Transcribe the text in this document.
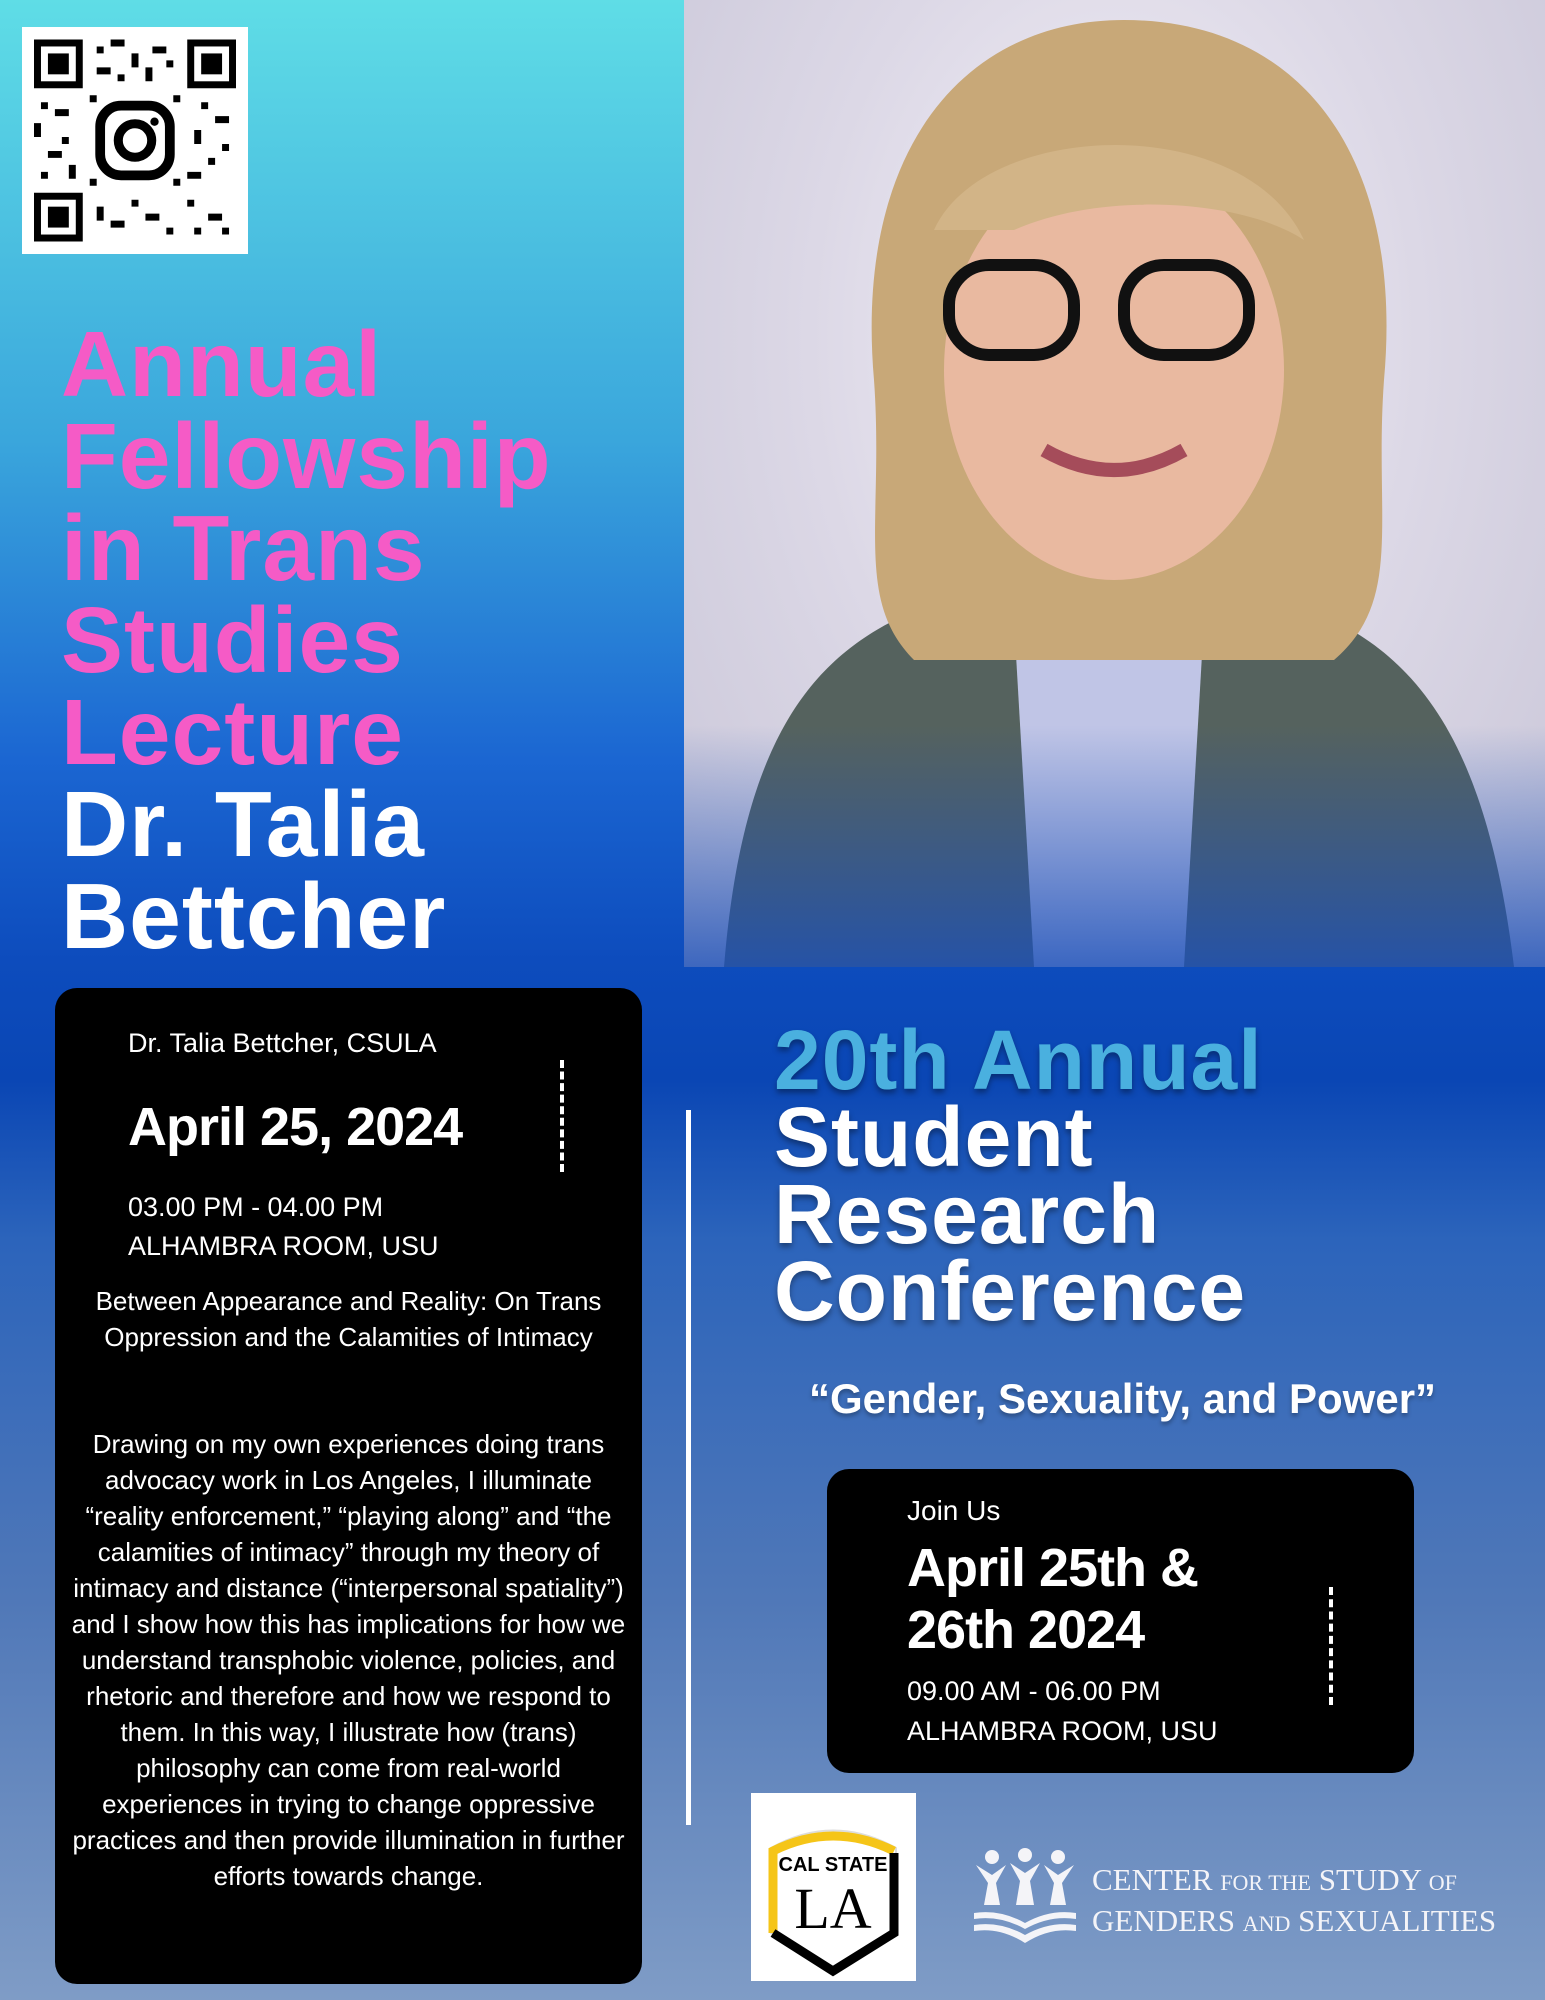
Annual
Fellowship
in Trans
Studies
Lecture
Dr. Talia
Bettcher
Dr. Talia Bettcher, CSULA
April 25, 2024
03.00 PM - 04.00 PM
ALHAMBRA ROOM, USU
Between Appearance and Reality: On Trans Oppression and the Calamities of Intimacy
Drawing on my own experiences doing trans advocacy work in Los Angeles, I illuminate “reality enforcement,” “playing along” and “the calamities of intimacy” through my theory of intimacy and distance (“interpersonal spatiality”) and I show how this has implications for how we understand transphobic violence, policies, and rhetoric and therefore and how we respond to them. In this way, I illustrate how (trans) philosophy can come from real-world experiences in trying to change oppressive practices and then provide illumination in further efforts towards change.
20th Annual
Student
Research
Conference
“Gender, Sexuality, and Power”
Join Us
April 25th & 26th 2024
09.00 AM - 06.00 PM
ALHAMBRA ROOM, USU
CAL STATE
LA	CENTER FOR THE STUDY OF
GENDERS AND SEXUALITIES
